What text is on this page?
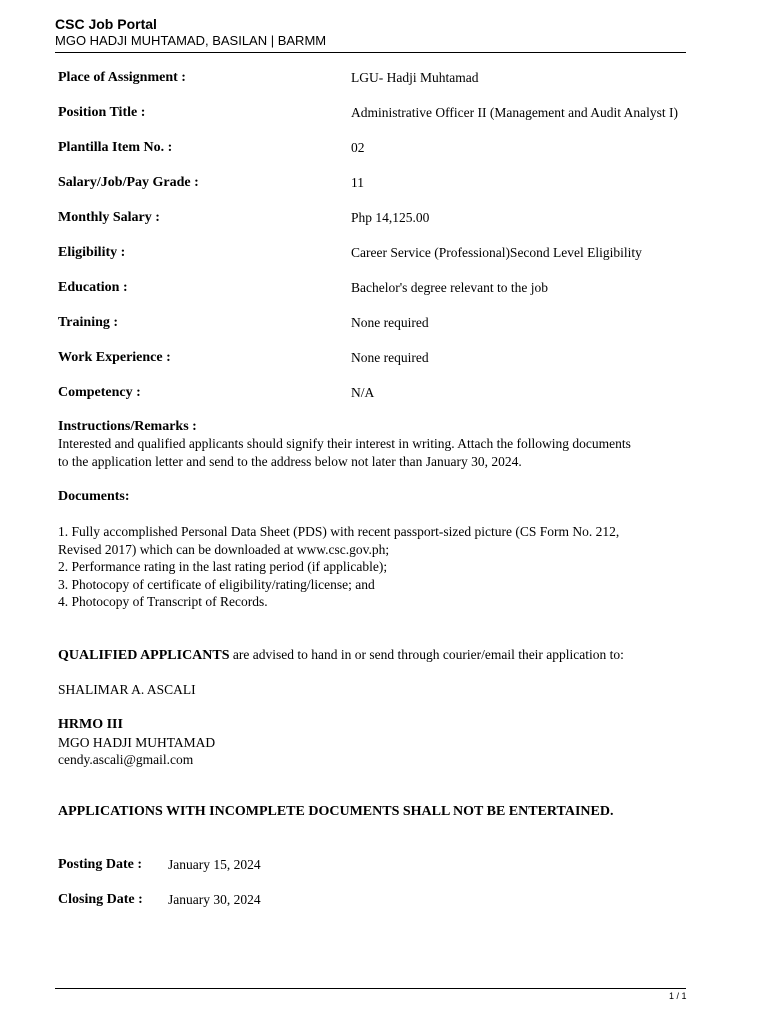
CSC Job Portal
MGO HADJI MUHTAMAD, BASILAN | BARMM
Place of Assignment :	LGU- Hadji Muhtamad
Position Title :	Administrative Officer II (Management and Audit Analyst I)
Plantilla Item No. :	02
Salary/Job/Pay Grade :	11
Monthly Salary :	Php 14,125.00
Eligibility :	Career Service (Professional)Second Level Eligibility
Education :	Bachelor's degree relevant to the job
Training :	None required
Work Experience :	None required
Competency :	N/A
Instructions/Remarks :
Interested and qualified applicants should signify their interest in writing. Attach the following documents
to the application letter and send to the address below not later than January 30, 2024.
Documents:
1. Fully accomplished Personal Data Sheet (PDS) with recent passport-sized picture (CS Form No. 212,
Revised 2017) which can be downloaded at www.csc.gov.ph;
2. Performance rating in the last rating period (if applicable);
3. Photocopy of certificate of eligibility/rating/license; and
4. Photocopy of Transcript of Records.
QUALIFIED APPLICANTS are advised to hand in or send through courier/email their application to:
SHALIMAR A. ASCALI
HRMO III
MGO HADJI MUHTAMAD
cendy.ascali@gmail.com
APPLICATIONS WITH INCOMPLETE DOCUMENTS SHALL NOT BE ENTERTAINED.
Posting Date : January 15, 2024
Closing Date : January 30, 2024
1 / 1
